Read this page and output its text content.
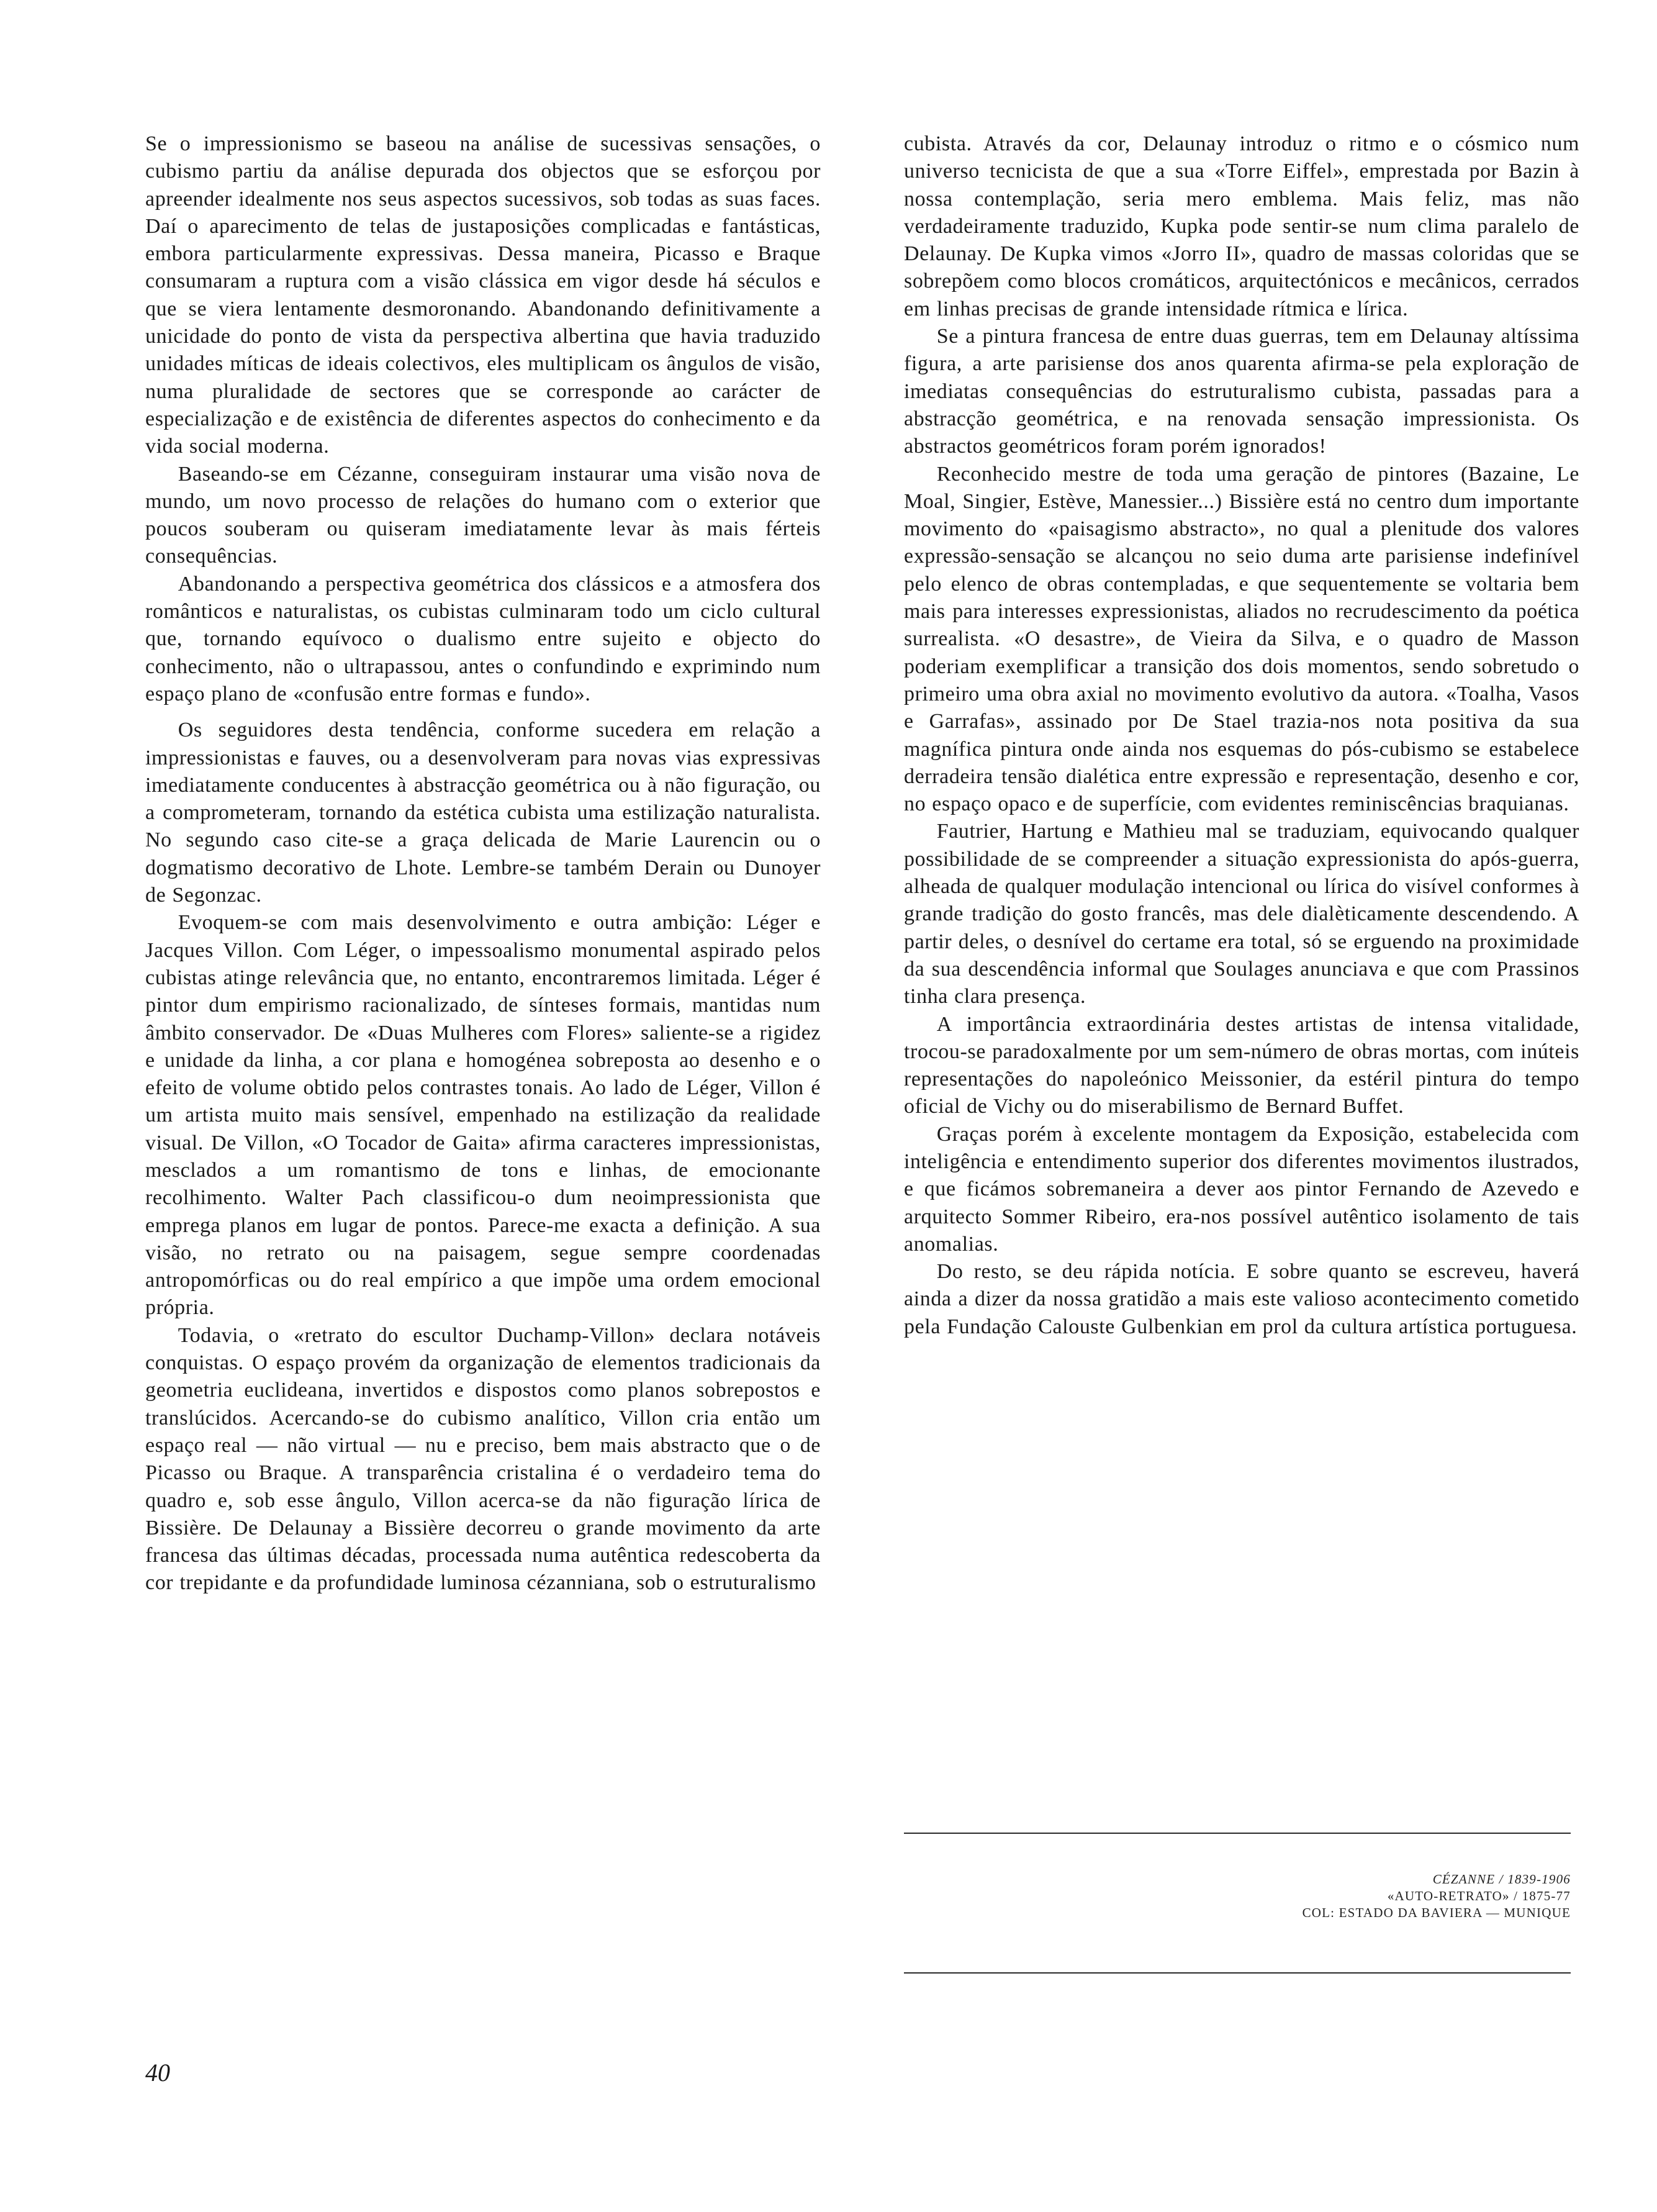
Se o impressionismo se baseou na análise de sucessivas sensações, o cubismo partiu da análise depurada dos objectos que se esforçou por apreender idealmente nos seus aspectos sucessivos, sob todas as suas faces. Daí o aparecimento de telas de justaposições complicadas e fantásticas, embora particularmente expressivas. Dessa maneira, Picasso e Braque consumaram a ruptura com a visão clássica em vigor desde há séculos e que se viera lentamente desmoronando. Abandonando definitivamente a unicidade do ponto de vista da perspectiva albertina que havia traduzido unidades míticas de ideais colectivos, eles multiplicam os ângulos de visão, numa pluralidade de sectores que se corresponde ao carácter de especialização e de existência de diferentes aspectos do conhecimento e da vida social moderna.

Baseando-se em Cézanne, conseguiram instaurar uma visão nova de mundo, um novo processo de relações do humano com o exterior que poucos souberam ou quiseram imediatamente levar às mais férteis consequências.

Abandonando a perspectiva geométrica dos clássicos e a atmosfera dos românticos e naturalistas, os cubistas culminaram todo um ciclo cultural que, tornando equívoco o dualismo entre sujeito e objecto do conhecimento, não o ultrapassou, antes o confundindo e exprimindo num espaço plano de «confusão entre formas e fundo».

Os seguidores desta tendência, conforme sucedera em relação a impressionistas e fauves, ou a desenvolveram para novas vias expressivas imediatamente conducentes à abstracção geométrica ou à não figuração, ou a comprometeram, tornando da estética cubista uma estilização naturalista. No segundo caso cite-se a graça delicada de Marie Laurencin ou o dogmatismo decorativo de Lhote. Lembre-se também Derain ou Dunoyer de Segonzac.

Evoquem-se com mais desenvolvimento e outra ambição: Léger e Jacques Villon. Com Léger, o impessoalismo monumental aspirado pelos cubistas atinge relevância que, no entanto, encontraremos limitada. Léger é pintor dum empirismo racionalizado, de sínteses formais, mantidas num âmbito conservador. De «Duas Mulheres com Flores» saliente-se a rigidez e unidade da linha, a cor plana e homogénea sobreposta ao desenho e o efeito de volume obtido pelos contrastes tonais. Ao lado de Léger, Villon é um artista muito mais sensível, empenhado na estilização da realidade visual. De Villon, «O Tocador de Gaita» afirma caracteres impressionistas, mesclados a um romantismo de tons e linhas, de emocionante recolhimento. Walter Pach classificou-o dum neoimpressionista que emprega planos em lugar de pontos. Parece-me exacta a definição. A sua visão, no retrato ou na paisagem, segue sempre coordenadas antropomórficas ou do real empírico a que impõe uma ordem emocional própria.

Todavia, o «retrato do escultor Duchamp-Villon» declara notáveis conquistas. O espaço provém da organização de elementos tradicionais da geometria euclideana, invertidos e dispostos como planos sobrepostos e translúcidos. Acercando-se do cubismo analítico, Villon cria então um espaço real — não virtual — nu e preciso, bem mais abstracto que o de Picasso ou Braque. A transparência cristalina é o verdadeiro tema do quadro e, sob esse ângulo, Villon acerca-se da não figuração lírica de Bissière. De Delaunay a Bissière decorreu o grande movimento da arte francesa das últimas décadas, processada numa autêntica redescoberta da cor trepidante e da profundidade luminosa cézanniana, sob o estruturalismo

cubista. Através da cor, Delaunay introduz o ritmo e o cósmico num universo tecnicista de que a sua «Torre Eiffel», emprestada por Bazin à nossa contemplação, seria mero emblema. Mais feliz, mas não verdadeiramente traduzido, Kupka pode sentir-se num clima paralelo de Delaunay. De Kupka vimos «Jorro II», quadro de massas coloridas que se sobrepõem como blocos cromáticos, arquitectónicos e mecânicos, cerrados em linhas precisas de grande intensidade rítmica e lírica.

Se a pintura francesa de entre duas guerras, tem em Delaunay altíssima figura, a arte parisiense dos anos quarenta afirma-se pela exploração de imediatas consequências do estruturalismo cubista, passadas para a abstracção geométrica, e na renovada sensação impressionista. Os abstractos geométricos foram porém ignorados!

Reconhecido mestre de toda uma geração de pintores (Bazaine, Le Moal, Singier, Estève, Manessier...) Bissière está no centro dum importante movimento do «paisagismo abstracto», no qual a plenitude dos valores expressão-sensação se alcançou no seio duma arte parisiense indefinível pelo elenco de obras contempladas, e que sequentemente se voltaria bem mais para interesses expressionistas, aliados no recrudescimento da poética surrealista. «O desastre», de Vieira da Silva, e o quadro de Masson poderiam exemplificar a transição dos dois momentos, sendo sobretudo o primeiro uma obra axial no movimento evolutivo da autora. «Toalha, Vasos e Garrafas», assinado por De Stael trazia-nos nota positiva da sua magnífica pintura onde ainda nos esquemas do pós-cubismo se estabelece derradeira tensão dialética entre expressão e representação, desenho e cor, no espaço opaco e de superfície, com evidentes reminiscências braquianas.

Fautrier, Hartung e Mathieu mal se traduziam, equivocando qualquer possibilidade de se compreender a situação expressionista do após-guerra, alheada de qualquer modulação intencional ou lírica do visível conformes à grande tradição do gosto francês, mas dele dialèticamente descendendo. A partir deles, o desnível do certame era total, só se erguendo na proximidade da sua descendência informal que Soulages anunciava e que com Prassinos tinha clara presença.

A importância extraordinária destes artistas de intensa vitalidade, trocou-se paradoxalmente por um sem-número de obras mortas, com inúteis representações do napoleónico Meissonier, da estéril pintura do tempo oficial de Vichy ou do miserabilismo de Bernard Buffet.

Graças porém à excelente montagem da Exposição, estabelecida com inteligência e entendimento superior dos diferentes movimentos ilustrados, e que ficámos sobremaneira a dever aos pintor Fernando de Azevedo e arquitecto Sommer Ribeiro, era-nos possível autêntico isolamento de tais anomalias.

Do resto, se deu rápida notícia. E sobre quanto se escreveu, haverá ainda a dizer da nossa gratidão a mais este valioso acontecimento cometido pela Fundação Calouste Gulbenkian em prol da cultura artística portuguesa.

CÉZANNE / 1839-1906
«AUTO-RETRATO» / 1875-77
COL: ESTADO DA BAVIERA — MUNIQUE
40
